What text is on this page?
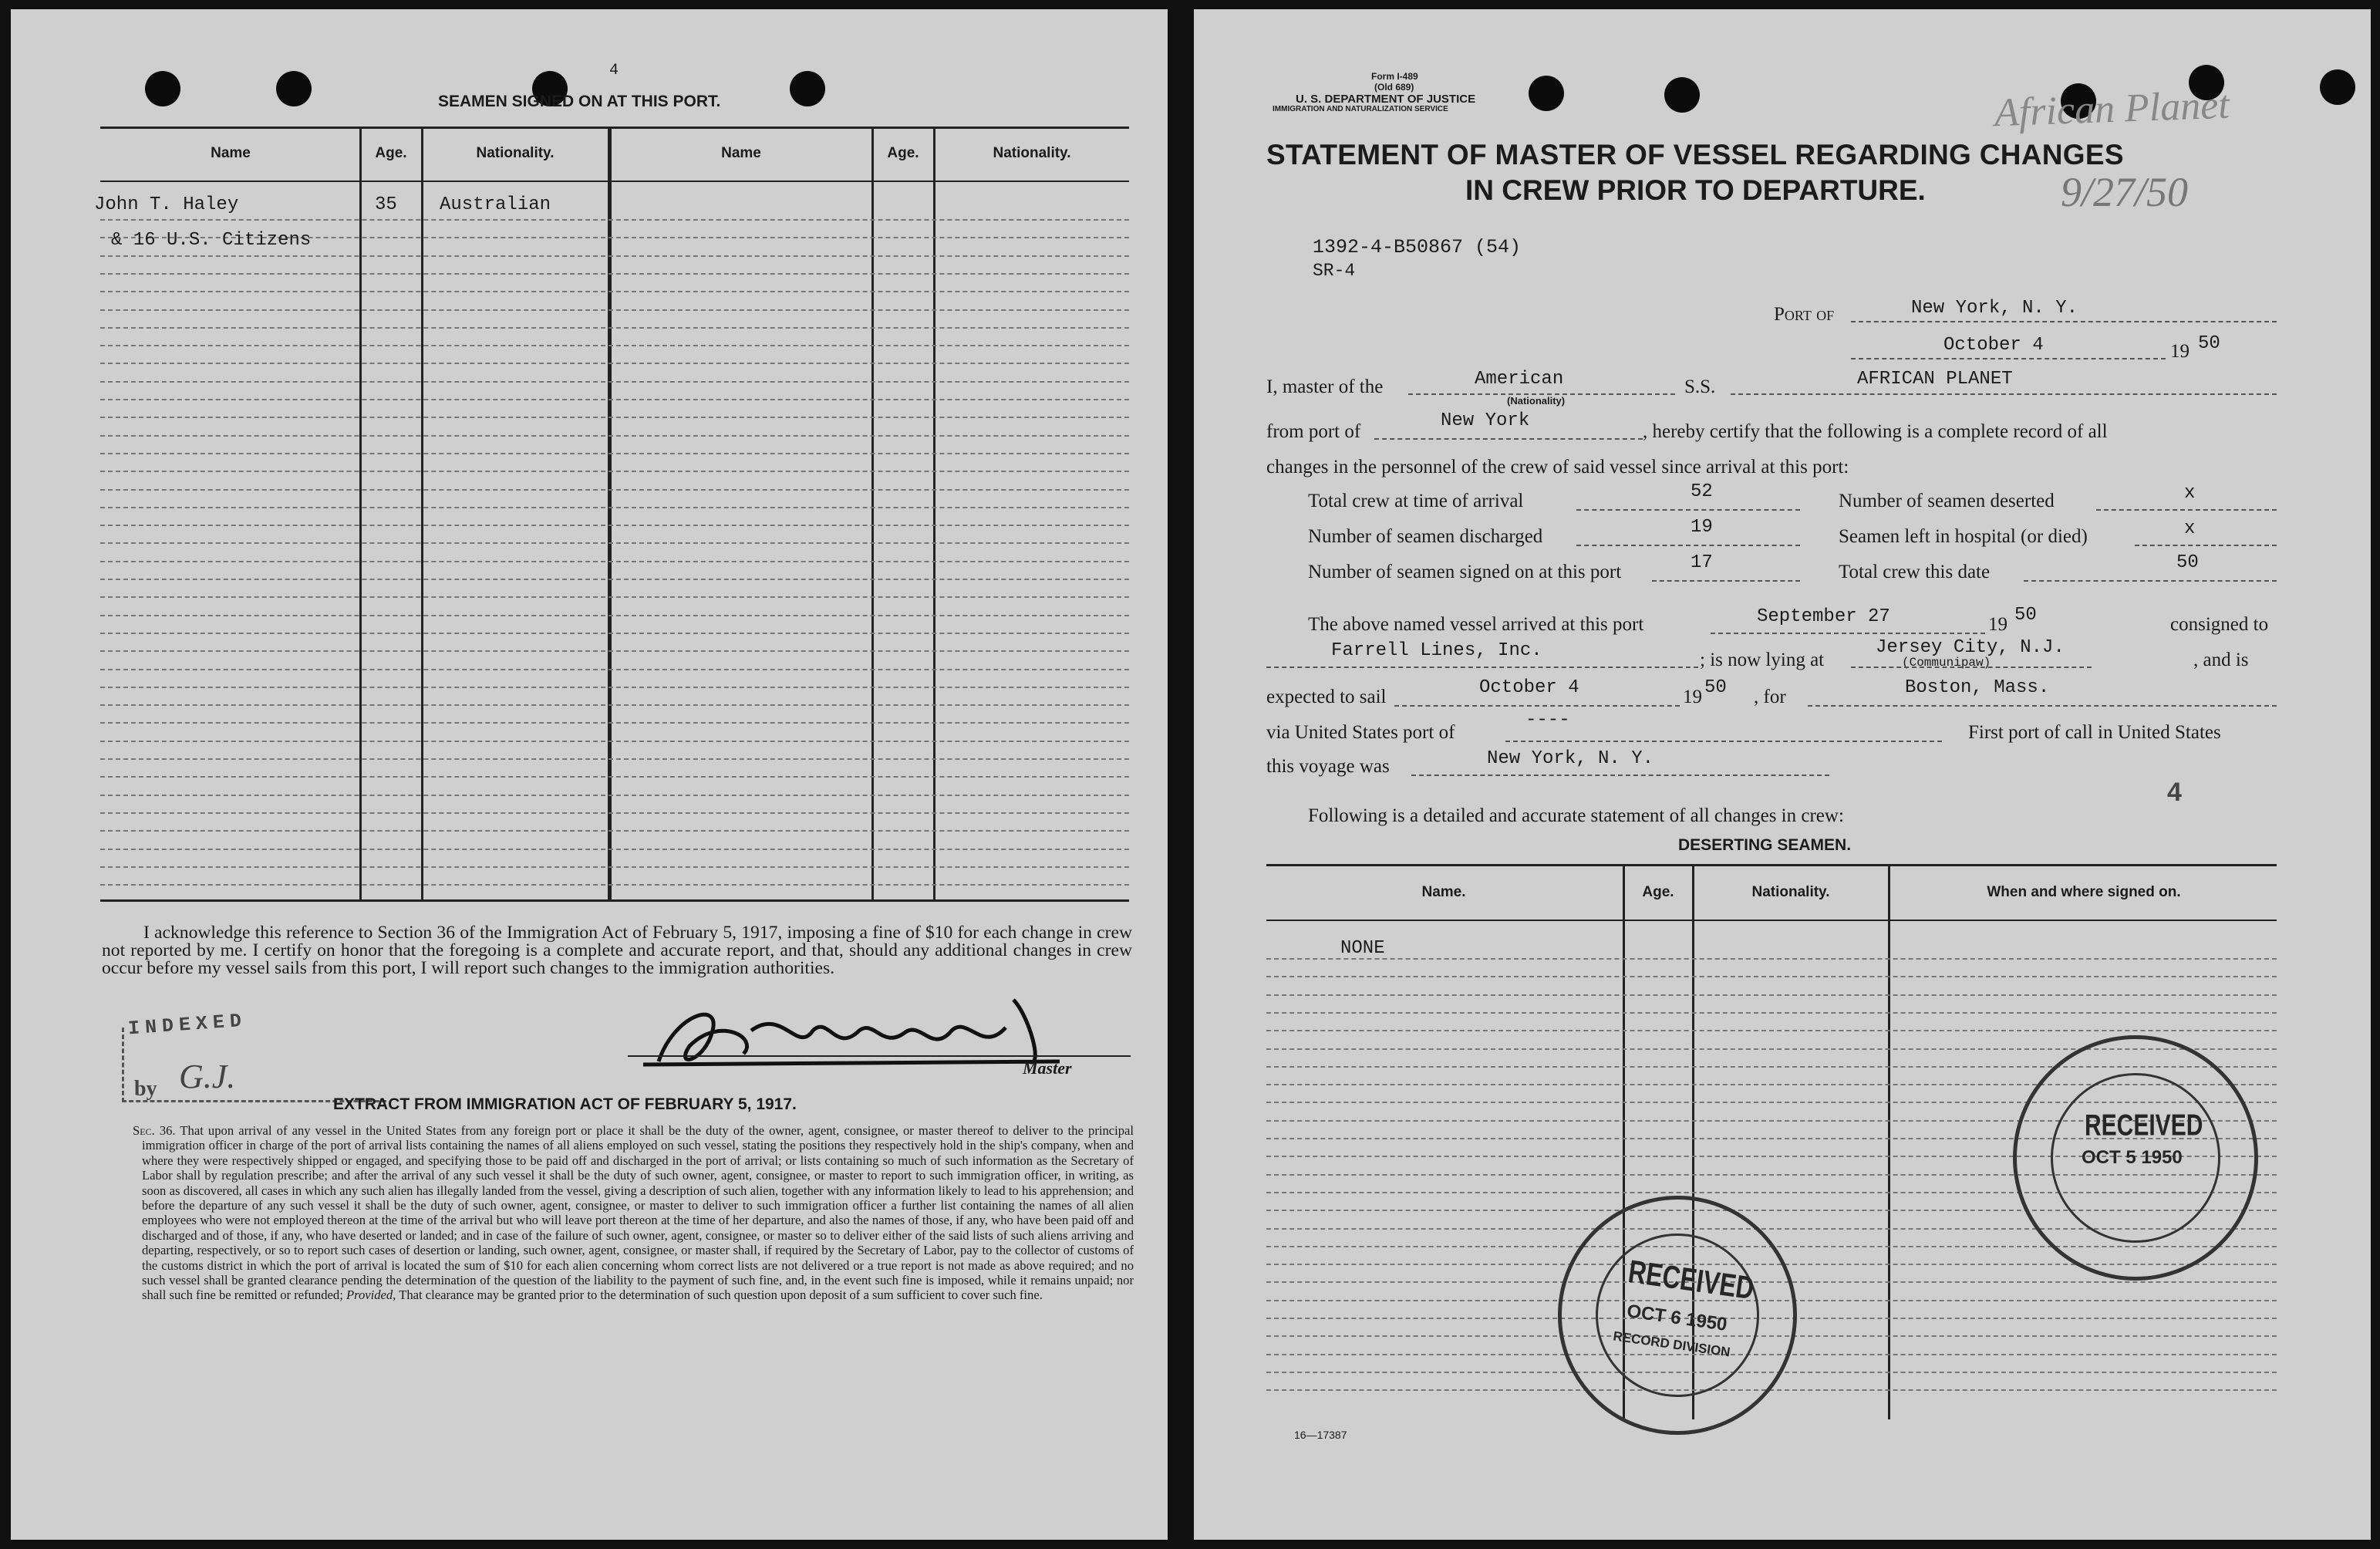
4
SEAMEN SIGNED ON AT THIS PORT.
Name	Age.	Nationality.	Name	Age.	Nationality.
John T. Haley	35 Australian
& 16 U.S. Citizens
I acknowledge this reference to Section 36 of the Immigration Act of February 5, 1917, imposing a fine of $10 for each change in crew not reported by me. I certify on honor that the foregoing is a complete and accurate report, and that, should any additional changes in crew occur before my vessel sails from this port, I will report such changes to the immigration authorities.
INDEXED
by G.J.	Master
EXTRACT FROM IMMIGRATION ACT OF FEBRUARY 5, 1917.
Sec. 36. That upon arrival of any vessel in the United States from any foreign port or place it shall be the duty of the owner, agent, consignee, or master thereof to deliver to the principal immigration officer in charge of the port of arrival lists containing the names of all aliens employed on such vessel, stating the positions they respectively hold in the ship's company, when and where they were respectively shipped or engaged, and specifying those to be paid off and discharged in the port of arrival; or lists containing so much of such information as the Secretary of Labor shall by regulation prescribe; and after the arrival of any such vessel it shall be the duty of such owner, agent, consignee, or master to report to such immigration officer, in writing, as soon as discovered, all cases in which any such alien has illegally landed from the vessel, giving a description of such alien, together with any information likely to lead to his apprehension; and before the departure of any such vessel it shall be the duty of such owner, agent, consignee, or master to deliver to such immigration officer a further list containing the names of all alien employees who were not employed thereon at the time of the arrival but who will leave port thereon at the time of her departure, and also the names of those, if any, who have been paid off and discharged and of those, if any, who have deserted or landed; and in case of the failure of such owner, agent, consignee, or master so to deliver either of the said lists of such aliens arriving and departing, respectively, or so to report such cases of desertion or landing, such owner, agent, consignee, or master shall, if required by the Secretary of Labor, pay to the collector of customs of the customs district in which the port of arrival is located the sum of $10 for each alien concerning whom correct lists are not delivered or a true report is not made as above required; and no such vessel shall be granted clearance pending the determination of the question of the liability to the payment of such fine, and, in the event such fine is imposed, while it remains unpaid; nor shall such fine be remitted or refunded; Provided, That clearance may be granted prior to the determination of such question upon deposit of a sum sufficient to cover such fine.
Form I-489
(Old 689)
U. S. DEPARTMENT OF JUSTICE
IMMIGRATION AND NATURALIZATION SERVICE	African Planet
9/27/50
STATEMENT OF MASTER OF VESSEL REGARDING CHANGES
IN CREW PRIOR TO DEPARTURE.
1392-4-B50867 (54)
SR-4
Port of	New York, N. Y.
October 4	19 50
I, master of the	American
(Nationality)
S.S.	AFRICAN PLANET
from port of
New York
, hereby certify that the following is a complete record of all
changes in the personnel of the crew of said vessel since arrival at this port:
Total crew at time of arrival	52	Number of seamen deserted	x
Number of seamen discharged	19	Seamen left in hospital (or died)	x
Number of seamen signed on at this port	17	Total crew this date	50
The above named vessel arrived at this port	September 27	19 50	consigned to
Farrell Lines, Inc.	; is now lying at
Jersey City, N.J.
(Communipaw)	, and is
expected to sail	October 4	19 50 , for	Boston, Mass.
via United States port of
----
First port of call in United States
this voyage was	New York, N. Y.
4
Following is a detailed and accurate statement of all changes in crew:
DESERTING SEAMEN.
Name.	Age.	Nationality.	When and where signed on.
NONE
16—17387
RECEIVED
OCT 5 1950
RECEIVED
OCT 6 1950
RECORD DIVISION
